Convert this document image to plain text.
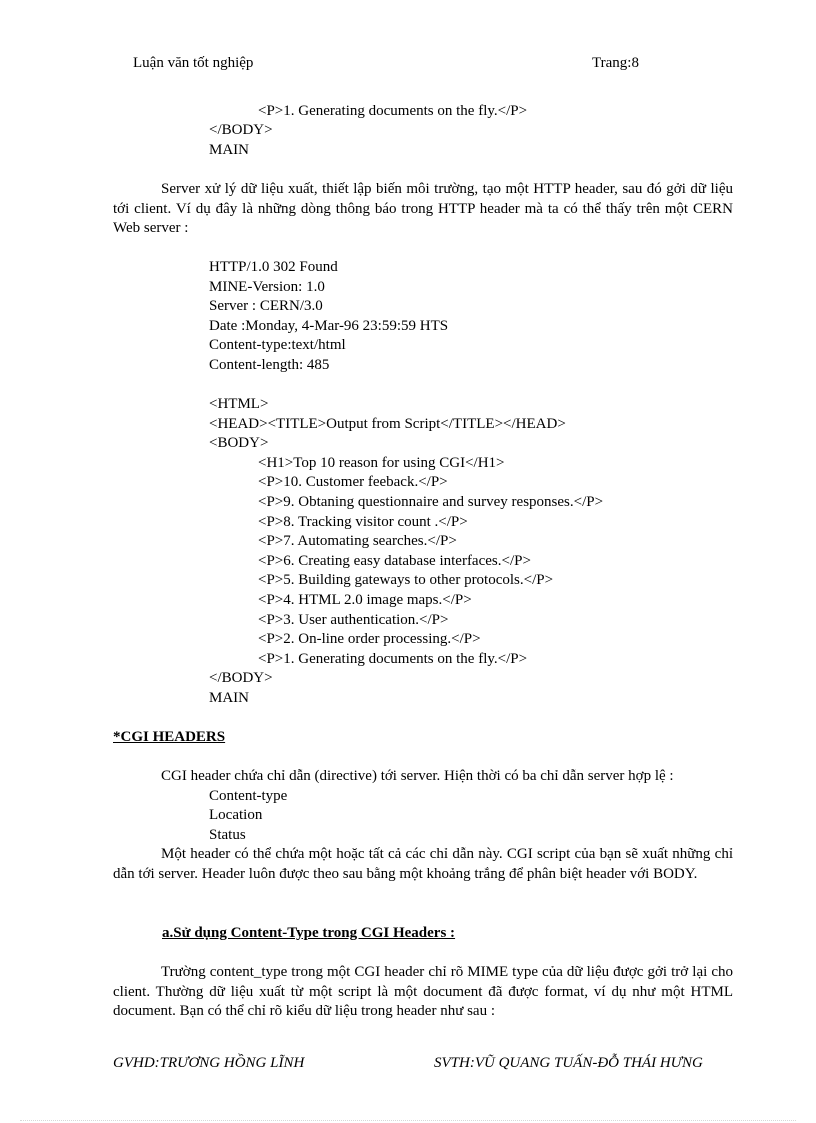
Luận văn tốt nghiệp	Trang:8
<P>1. Generating documents on the fly.</P>
</BODY>
MAIN
Server xử lý dữ liệu xuất, thiết lập biến môi trường, tạo một HTTP header, sau đó gởi dữ liệu tới client. Ví dụ đây là những dòng thông báo trong HTTP header mà ta có thể thấy trên một CERN Web server :
HTTP/1.0 302 Found
MINE-Version: 1.0
Server : CERN/3.0
Date :Monday, 4-Mar-96 23:59:59 HTS
Content-type:text/html
Content-length: 485
<HTML>
<HEAD><TITLE>Output from Script</TITLE></HEAD>
<BODY>
<H1>Top 10 reason for using CGI</H1>
<P>10. Customer feeback.</P>
<P>9. Obtaning questionnaire and survey responses.</P>
<P>8. Tracking visitor count .</P>
<P>7. Automating searches.</P>
<P>6. Creating easy database interfaces.</P>
<P>5. Building gateways to other protocols.</P>
<P>4. HTML 2.0 image maps.</P>
<P>3. User authentication.</P>
<P>2. On-line order processing.</P>
<P>1. Generating documents on the fly.</P>
</BODY>
MAIN
*CGI HEADERS
CGI header chứa chỉ dẫn (directive) tới server. Hiện thời có ba chỉ dẫn server hợp lệ :
Content-type
Location
Status
Một header có thể chứa một hoặc tất cả các chỉ dẫn này. CGI script của bạn sẽ xuất những chỉ dẫn tới server. Header luôn được theo sau bằng một khoảng trắng để phân biệt header với BODY.
a.Sử dụng Content-Type trong CGI Headers :
Trường content_type trong một CGI header chỉ rõ MIME type của dữ liệu được gởi trở lại cho client. Thường dữ liệu xuất từ một script là một document đã được format, ví dụ như một HTML document. Bạn có thể chỉ rõ kiểu dữ liệu trong header như sau :
GVHD:TRƯƠNG HỒNG LĨNH	SVTH:VŨ QUANG TUẤN-ĐỖ THÁI HƯNG
